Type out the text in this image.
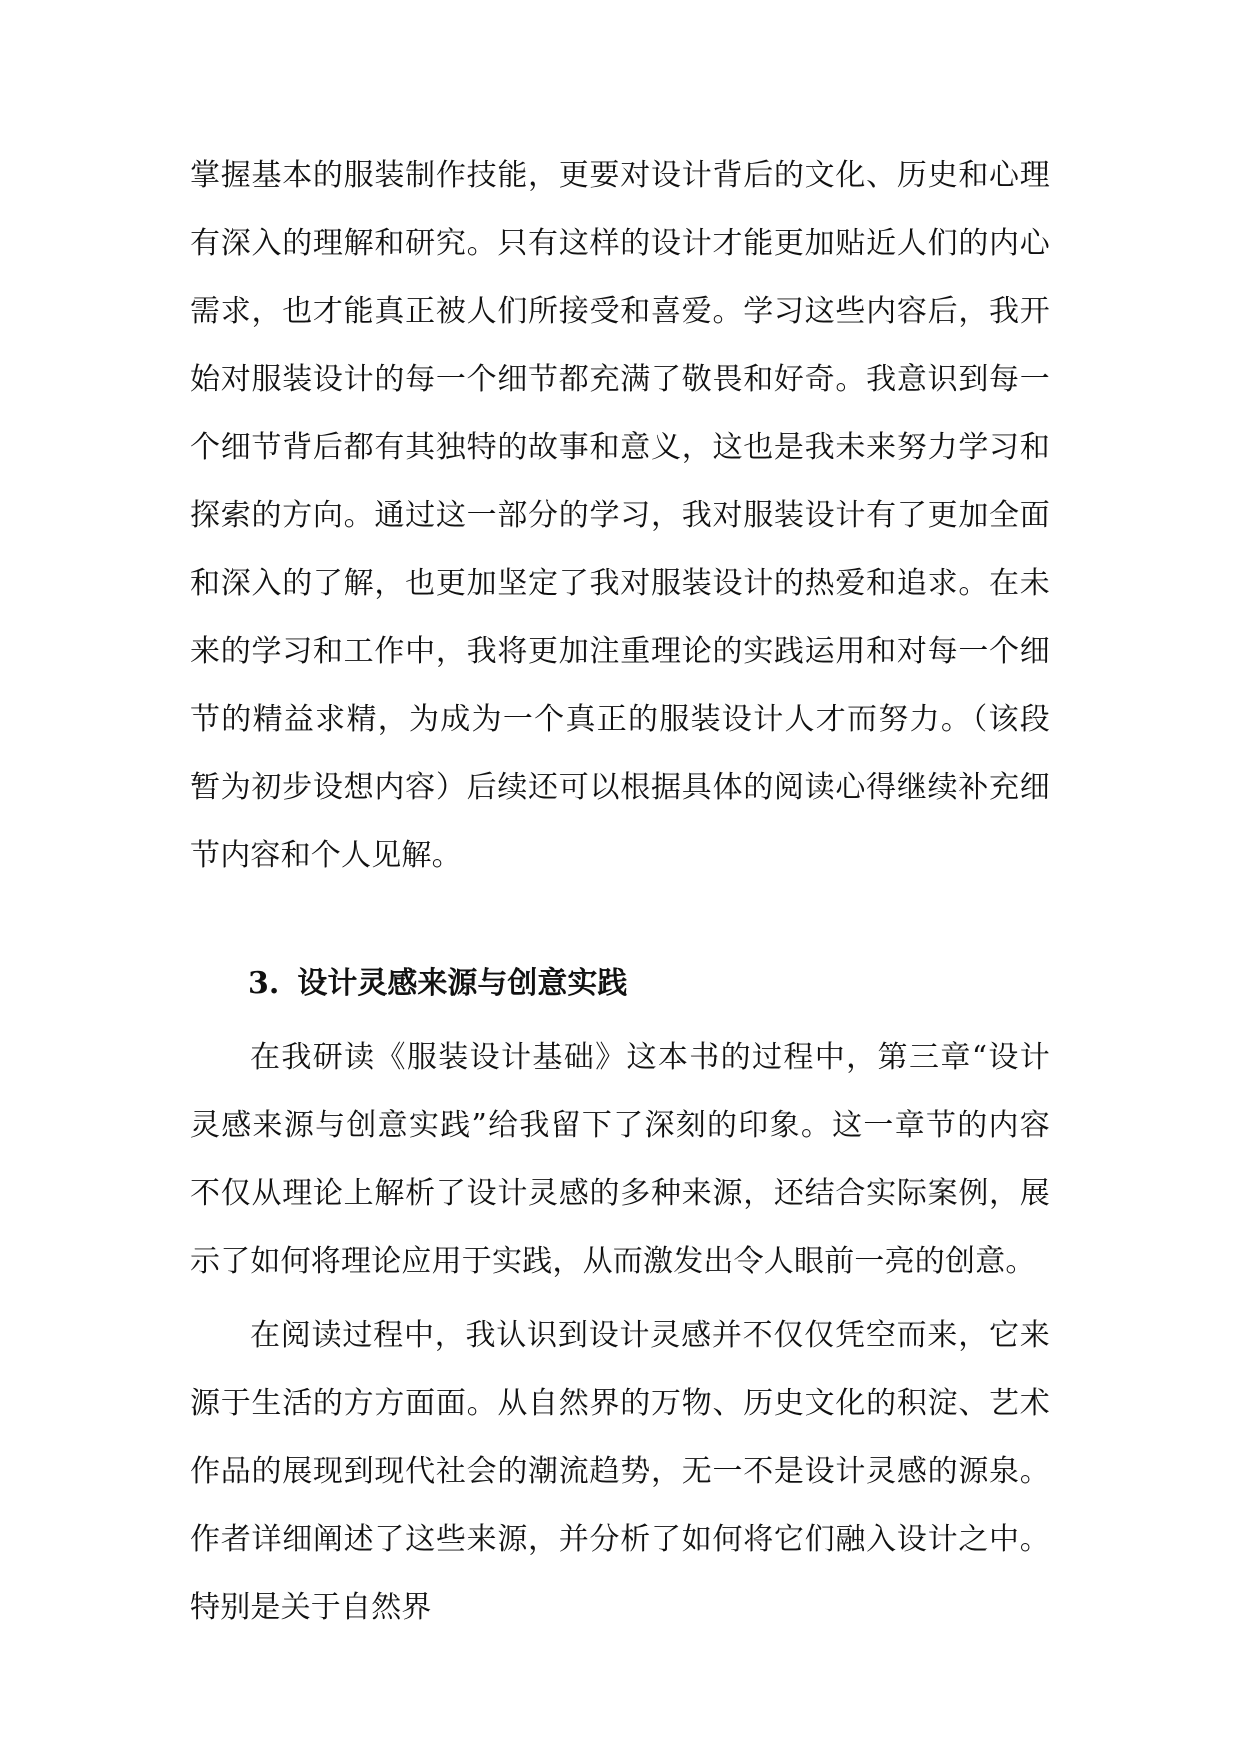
掌握基本的服装制作技能，更要对设计背后的文化、历史和心理有深入的理解和研究。只有这样的设计才能更加贴近人们的内心需求，也才能真正被人们所接受和喜爱。学习这些内容后，我开始对服装设计的每一个细节都充满了敬畏和好奇。我意识到每一个细节背后都有其独特的故事和意义，这也是我未来努力学习和探索的方向。通过这一部分的学习，我对服装设计有了更加全面和深入的了解，也更加坚定了我对服装设计的热爱和追求。在未来的学习和工作中，我将更加注重理论的实践运用和对每一个细节的精益求精，为成为一个真正的服装设计人才而努力。（该段暂为初步设想内容）后续还可以根据具体的阅读心得继续补充细节内容和个人见解。

3. 设计灵感来源与创意实践

在我研读《服装设计基础》这本书的过程中，第三章“设计灵感来源与创意实践”给我留下了深刻的印象。这一章节的内容不仅从理论上解析了设计灵感的多种来源，还结合实际案例，展示了如何将理论应用于实践，从而激发出令人眼前一亮的创意。

在阅读过程中，我认识到设计灵感并不仅仅凭空而来，它来源于生活的方方面面。从自然界的万物、历史文化的积淀、艺术作品的展现到现代社会的潮流趋势，无一不是设计灵感的源泉。作者详细阐述了这些来源，并分析了如何将它们融入设计之中。特别是关于自然界
